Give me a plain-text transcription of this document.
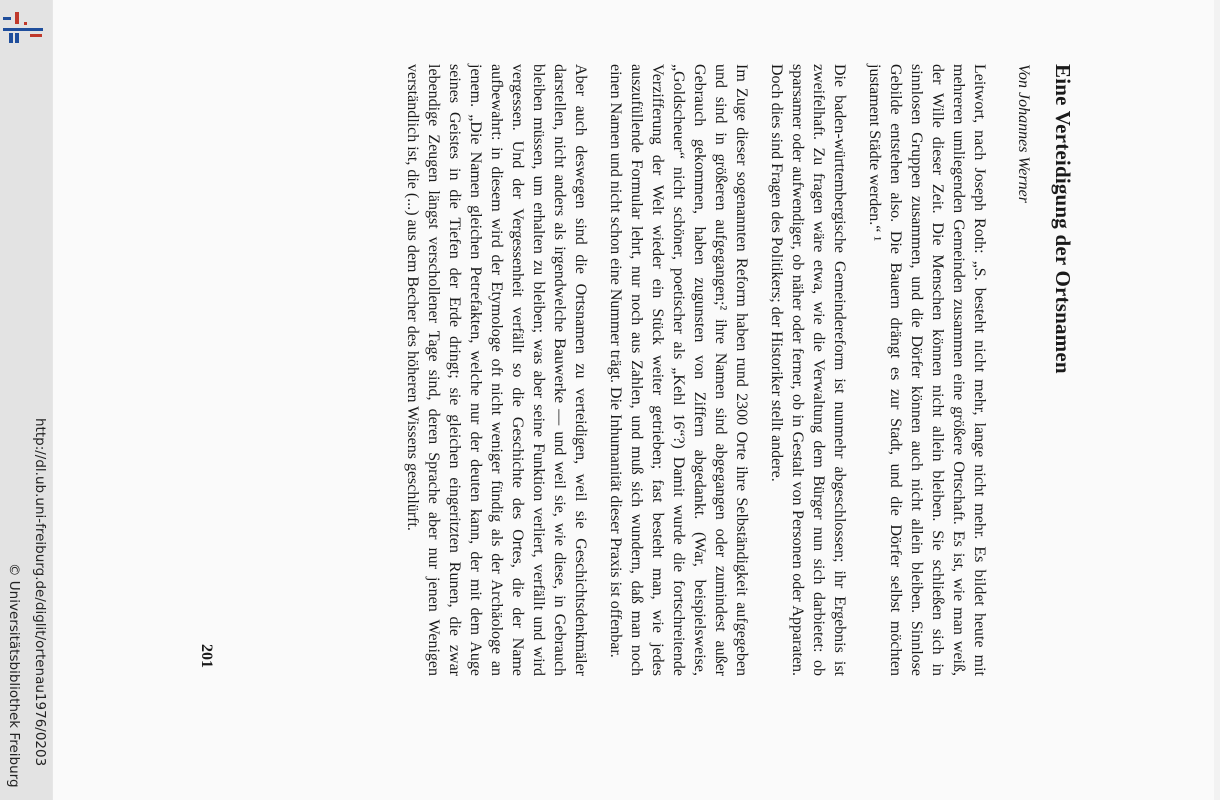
http://dl.ub.uni-freiburg.de/diglit/ortenau1976/0203
© Universitätsbibliothek Freiburg
Eine Verteidigung der Ortsnamen
Von Johannes Werner

Leitwort, nach Joseph Roth: „S. besteht nicht mehr, lange nicht mehr. Es bildet heute mit mehreren umliegenden Gemeinden zusammen eine größere Ortschaft. Es ist, wie man weiß, der Wille dieser Zeit. Die Menschen können nicht allein bleiben. Sie schließen sich in sinnlosen Gruppen zusammen, und die Dörfer können auch nicht allein bleiben. Sinnlose Gebilde entstehen also. Die Bauern drängt es zur Stadt, und die Dörfer selbst möchten justament Städte werden.“ ¹

Die baden-württembergische Gemeindereform ist nunmehr abgeschlossen; ihr Ergebnis ist zweifelhaft. Zu fragen wäre etwa, wie die Verwaltung dem Bürger nun sich darbietet: ob sparsamer oder aufwendiger, ob näher oder ferner, ob in Gestalt von Personen oder Apparaten. Doch dies sind Fragen des Politikers; der Historiker stellt andere.

Im Zuge dieser sogenannten Reform haben rund 2300 Orte ihre Selbständigkeit aufgegeben und sind in größeren aufgegangen;² ihre Namen sind abgegangen oder zumindest außer Gebrauch gekommen, haben zugunsten von Ziffern abgedankt. (War, beispielsweise, „Goldscheuer“ nicht schöner, poetischer als „Kehl 16“?) Damit wurde die fortschreitende Verzifferung der Welt wieder ein Stück weiter getrieben; fast besteht man, wie jedes auszufüllende Formular lehrt, nur noch aus Zahlen, und muß sich wundern, daß man noch einen Namen und nicht schon eine Nummer trägt. Die Inhumanität dieser Praxis ist offenbar.

Aber auch deswegen sind die Ortsnamen zu verteidigen, weil sie Geschichtsdenkmäler darstellen, nicht anders als irgendwelche Bauwerke — und weil sie, wie diese, in Gebrauch bleiben müssen, um erhalten zu bleiben; was aber seine Funktion verliert, verfällt und wird vergessen. Und der Vergessenheit verfällt so die Geschichte des Ortes, die der Name aufbewahrt: in diesem wird der Etymologe oft nicht weniger fündig als der Archäologe an jenem. „Die Namen gleichen Petrefakten, welche nur der deuten kann, der mit dem Auge seines Geistes in die Tiefen der Erde dringt; sie gleichen eingeritzten Runen, die zwar lebendige Zeugen längst verschollener Tage sind, deren Sprache aber nur jenen Wenigen verständlich ist, die (...) aus dem Becher des höheren Wissens geschlürft.

201
